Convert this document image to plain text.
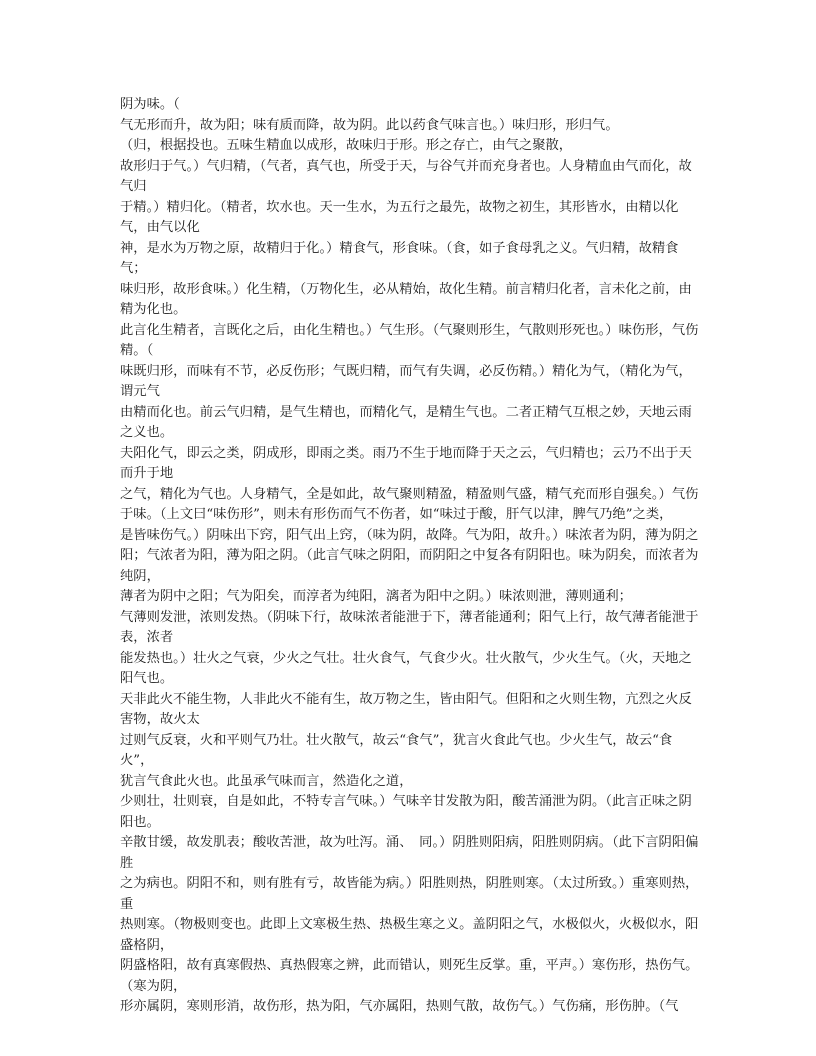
阴为味。（
气无形而升，故为阳；味有质而降，故为阴。此以药食气味言也。）味归形，形归气。
（归，根据投也。五味生精血以成形，故味归于形。形之存亡，由气之聚散，
故形归于气。）气归精，（气者，真气也，所受于天，与谷气并而充身者也。人身精血由气而化，故气归
于精。）精归化。（精者，坎水也。天一生水，为五行之最先，故物之初生，其形皆水，由精以化气，由气以化
神，是水为万物之原，故精归于化。）精食气，形食味。（食，如子食母乳之义。气归精，故精食气；
味归形，故形食味。）化生精，（万物化生，必从精始，故化生精。前言精归化者，言未化之前，由精为化也。
此言化生精者，言既化之后，由化生精也。）气生形。（气聚则形生，气散则形死也。）味伤形，气伤精。（
味既归形，而味有不节，必反伤形；气既归精，而气有失调，必反伤精。）精化为气，（精化为气，谓元气
由精而化也。前云气归精，是气生精也，而精化气，是精生气也。二者正精气互根之妙，天地云雨之义也。
夫阳化气，即云之类，阴成形，即雨之类。雨乃不生于地而降于天之云，气归精也；云乃不出于天而升于地
之气，精化为气也。人身精气，全是如此，故气聚则精盈，精盈则气盛，精气充而形自强矣。）气伤于味。（上文曰“味伤形”，则未有形伤而气不伤者，如“味过于酸，肝气以津，脾气乃绝”之类，
是皆味伤气。）阴味出下窍，阳气出上窍，（味为阴，故降。气为阳，故升。）味浓者为阴，薄为阴之
阳；气浓者为阳，薄为阳之阴。（此言气味之阴阳，而阴阳之中复各有阴阳也。味为阴矣，而浓者为纯阴，
薄者为阴中之阳；气为阳矣，而淳者为纯阳，漓者为阳中之阴。）味浓则泄，薄则通利；
气薄则发泄，浓则发热。（阴味下行，故味浓者能泄于下，薄者能通利；阳气上行，故气薄者能泄于表，浓者
能发热也。）壮火之气衰，少火之气壮。壮火食气，气食少火。壮火散气，少火生气。（火，天地之阳气也。
天非此火不能生物，人非此火不能有生，故万物之生，皆由阳气。但阳和之火则生物，亢烈之火反害物，故火太
过则气反衰，火和平则气乃壮。壮火散气，故云“食气”，犹言火食此气也。少火生气，故云“食火”，
犹言气食此火也。此虽承气味而言，然造化之道，
少则壮，壮则衰，自是如此，不特专言气味。）气味辛甘发散为阳，酸苦涌泄为阴。（此言正味之阴阳也。
辛散甘缓，故发肌表；酸收苦泄，故为吐泻。涌、　同。）阴胜则阳病，阳胜则阴病。（此下言阴阳偏胜
之为病也。阴阳不和，则有胜有亏，故皆能为病。）阳胜则热，阴胜则寒。（太过所致。）重寒则热，重
热则寒。（物极则变也。此即上文寒极生热、热极生寒之义。盖阴阳之气，水极似火，火极似水，阳盛格阴，
阴盛格阳，故有真寒假热、真热假寒之辨，此而错认，则死生反掌。重，平声。）寒伤形，热伤气。（寒为阴，
形亦属阴，寒则形消，故伤形，热为阳，气亦属阳，热则气散，故伤气。）气伤痛，形伤肿。（气
